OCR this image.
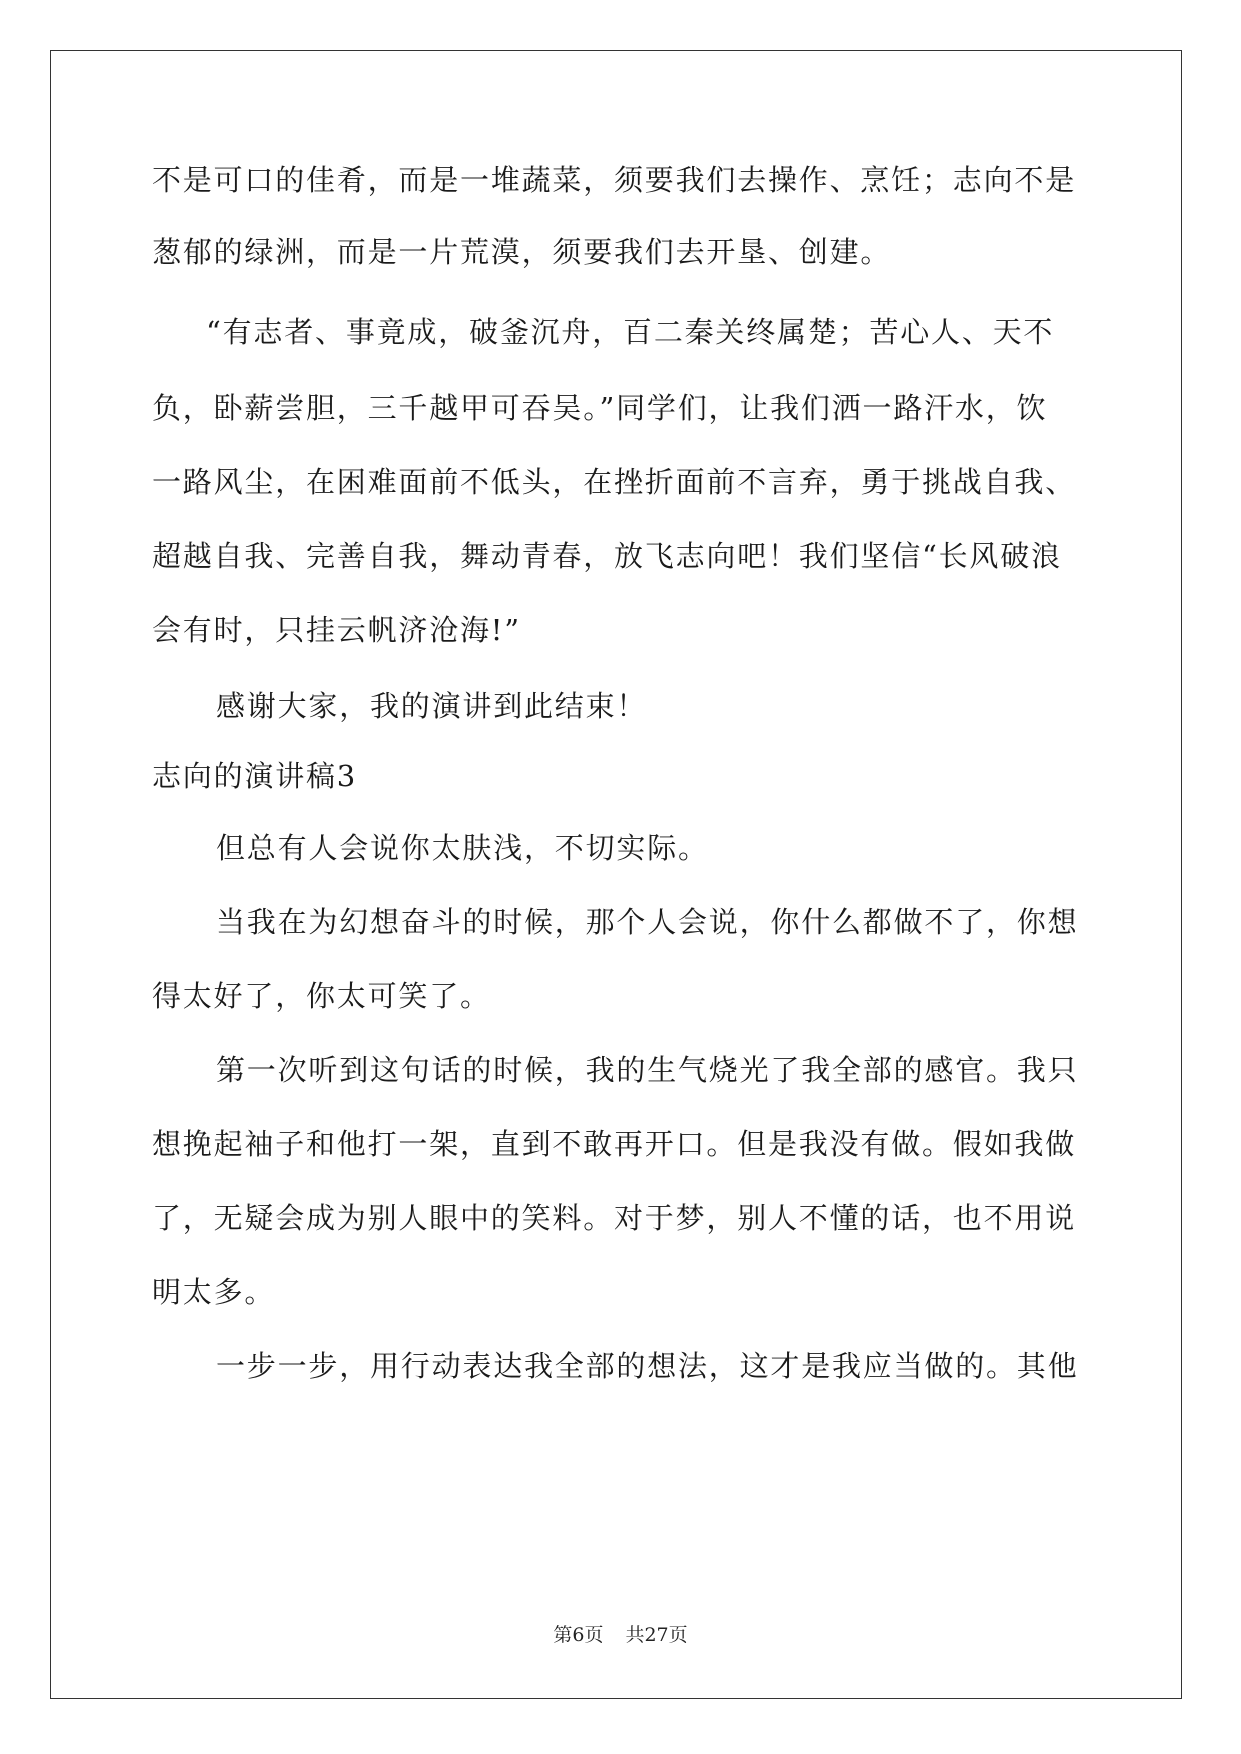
不是可口的佳肴，而是一堆蔬菜，须要我们去操作、烹饪；志向不是
葱郁的绿洲，而是一片荒漠，须要我们去开垦、创建。
“有志者、事竟成，破釜沉舟，百二秦关终属楚；苦心人、天不
负，卧薪尝胆，三千越甲可吞吴。”同学们，让我们洒一路汗水，饮
一路风尘，在困难面前不低头，在挫折面前不言弃，勇于挑战自我、
超越自我、完善自我，舞动青春，放飞志向吧！我们坚信“长风破浪
会有时，只挂云帆济沧海!”
感谢大家，我的演讲到此结束！
志向的演讲稿3
但总有人会说你太肤浅，不切实际。
当我在为幻想奋斗的时候，那个人会说，你什么都做不了，你想
得太好了，你太可笑了。
第一次听到这句话的时候，我的生气烧光了我全部的感官。我只
想挽起袖子和他打一架，直到不敢再开口。但是我没有做。假如我做
了，无疑会成为别人眼中的笑料。对于梦，别人不懂的话，也不用说
明太多。
一步一步，用行动表达我全部的想法，这才是我应当做的。其他
第6页 共27页
